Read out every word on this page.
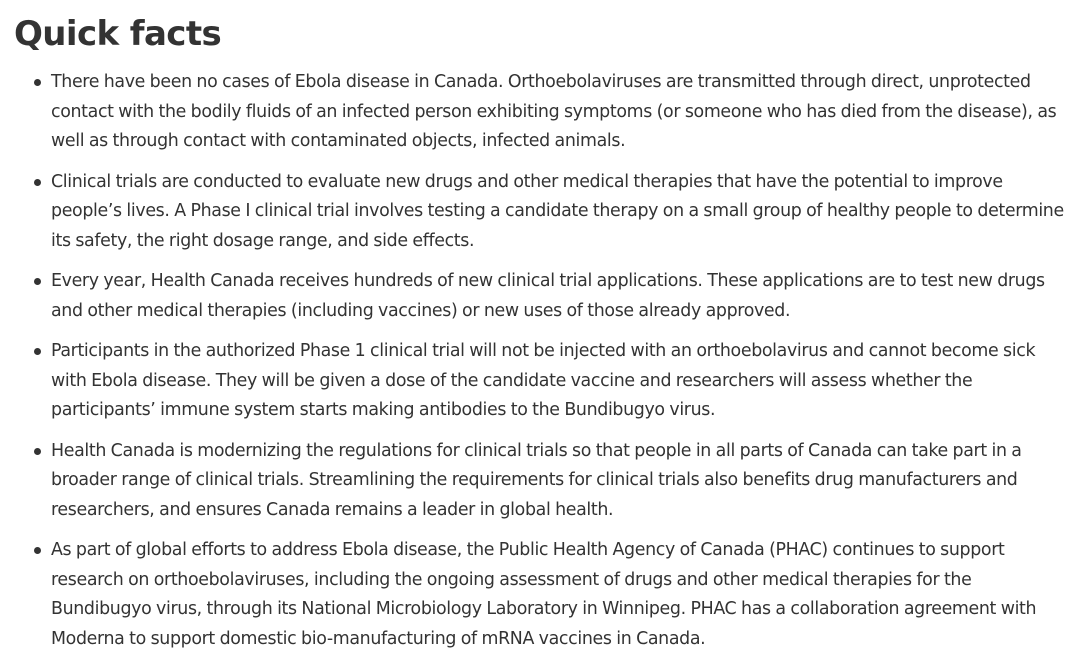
Quick facts
There have been no cases of Ebola disease in Canada. Orthoebolaviruses are transmitted through direct, unprotected contact with the bodily fluids of an infected person exhibiting symptoms (or someone who has died from the disease), as well as through contact with contaminated objects, infected animals.
Clinical trials are conducted to evaluate new drugs and other medical therapies that have the potential to improve people’s lives. A Phase I clinical trial involves testing a candidate therapy on a small group of healthy people to determine its safety, the right dosage range, and side effects.
Every year, Health Canada receives hundreds of new clinical trial applications. These applications are to test new drugs and other medical therapies (including vaccines) or new uses of those already approved.
Participants in the authorized Phase 1 clinical trial will not be injected with an orthoebolavirus and cannot become sick with Ebola disease. They will be given a dose of the candidate vaccine and researchers will assess whether the participants’ immune system starts making antibodies to the Bundibugyo virus.
Health Canada is modernizing the regulations for clinical trials so that people in all parts of Canada can take part in a broader range of clinical trials. Streamlining the requirements for clinical trials also benefits drug manufacturers and researchers, and ensures Canada remains a leader in global health.
As part of global efforts to address Ebola disease, the Public Health Agency of Canada (PHAC) continues to support research on orthoebolaviruses, including the ongoing assessment of drugs and other medical therapies for the Bundibugyo virus, through its National Microbiology Laboratory in Winnipeg. PHAC has a collaboration agreement with Moderna to support domestic bio-manufacturing of mRNA vaccines in Canada.
